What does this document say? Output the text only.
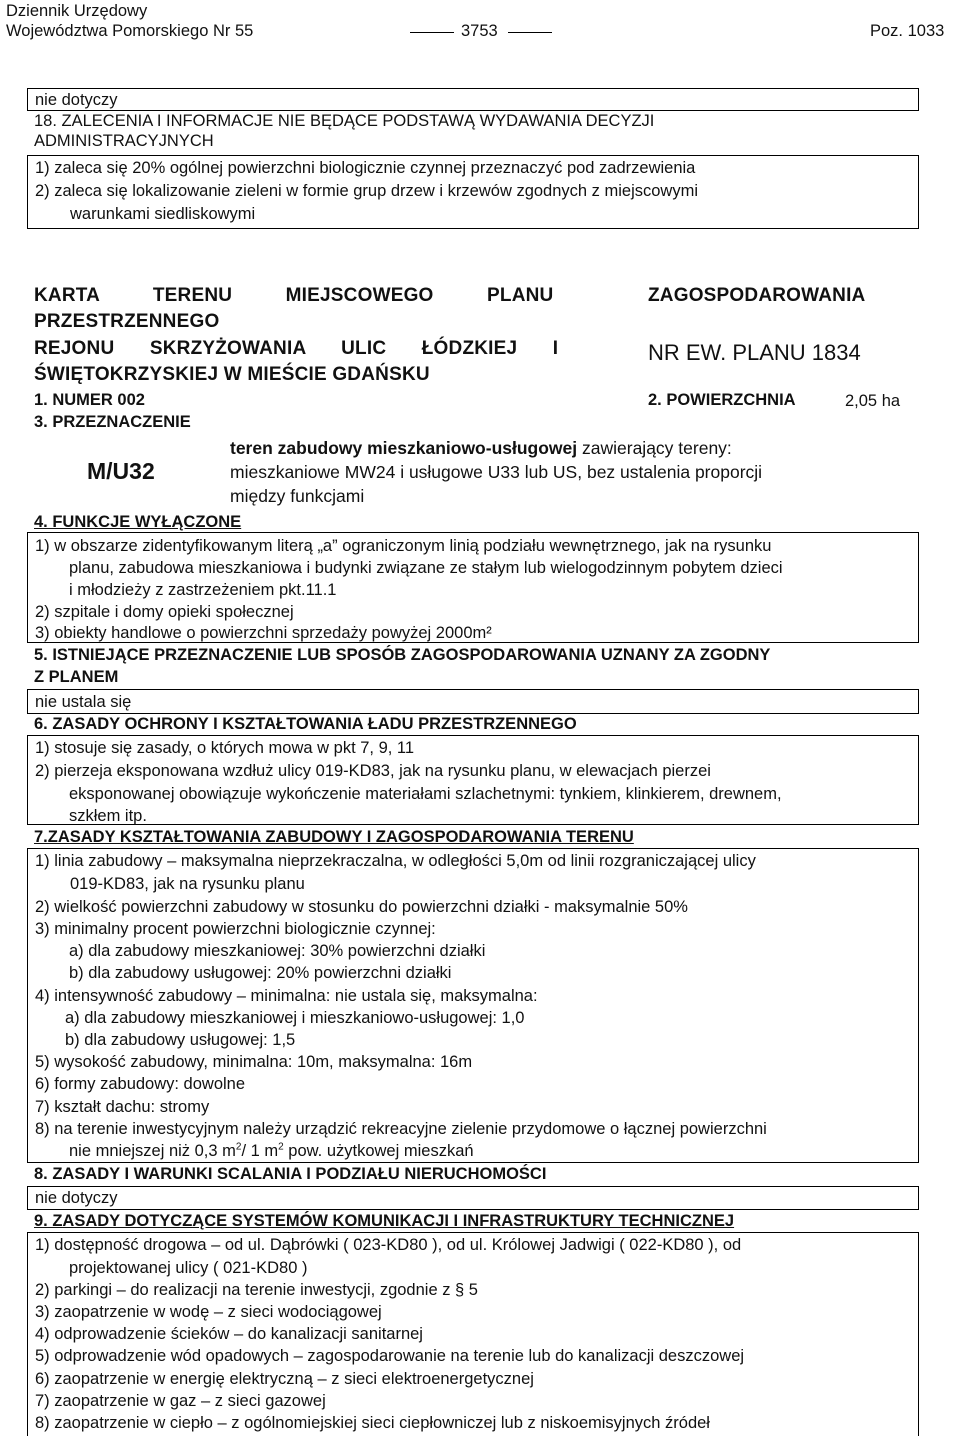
Dziennik Urzędowy
Województwa Pomorskiego Nr 55	3753	Poz. 1033
nie dotyczy
18. ZALECENIA I INFORMACJE NIE BĘDĄCE PODSTAWĄ WYDAWANIA DECYZJI
ADMINISTRACYJNYCH
1) zaleca się 20% ogólnej powierzchni biologicznie czynnej przeznaczyć pod zadrzewienia
2) zaleca się lokalizowanie zieleni w formie grup drzew i krzewów zgodnych z miejscowymi
warunkami siedliskowymi
KARTA TERENU MIEJSCOWEGO PLANU	ZAGOSPODAROWANIA
PRZESTRZENNEGO
REJONU SKRZYŻOWANIA ULIC ŁÓDZKIEJ I
ŚWIĘTOKRZYSKIEJ W MIEŚCIE GDAŃSKU
NR EW. PLANU 1834
1. NUMER 002	2. POWIERZCHNIA	2,05 ha
3. PRZEZNACZENIE
M/U32
teren zabudowy mieszkaniowo-usługowej zawierający tereny:
mieszkaniowe MW24 i usługowe U33 lub US, bez ustalenia proporcji
między funkcjami
4. FUNKCJE WYŁĄCZONE
1) w obszarze zidentyfikowanym literą „a” ograniczonym linią podziału wewnętrznego, jak na rysunku
planu, zabudowa mieszkaniowa i budynki związane ze stałym lub wielogodzinnym pobytem dzieci
i młodzieży z zastrzeżeniem pkt.11.1
2) szpitale i domy opieki społecznej
3) obiekty handlowe o powierzchni sprzedaży powyżej 2000m²
5. ISTNIEJĄCE PRZEZNACZENIE LUB SPOSÓB ZAGOSPODAROWANIA UZNANY ZA ZGODNY
Z PLANEM
nie ustala się
6. ZASADY OCHRONY I KSZTAŁTOWANIA ŁADU PRZESTRZENNEGO
1) stosuje się zasady, o których mowa w pkt 7, 9, 11
2) pierzeja eksponowana wzdłuż ulicy 019-KD83, jak na rysunku planu, w elewacjach pierzei
eksponowanej obowiązuje wykończenie materiałami szlachetnymi: tynkiem, klinkierem, drewnem,
szkłem itp.
7.ZASADY KSZTAŁTOWANIA ZABUDOWY I ZAGOSPODAROWANIA TERENU
1) linia zabudowy – maksymalna nieprzekraczalna, w odległości 5,0m od linii rozgraniczającej ulicy
019-KD83, jak na rysunku planu
2) wielkość powierzchni zabudowy w stosunku do powierzchni działki - maksymalnie 50%
3) minimalny procent powierzchni biologicznie czynnej:
a) dla zabudowy mieszkaniowej: 30% powierzchni działki
b) dla zabudowy usługowej: 20% powierzchni działki
4) intensywność zabudowy – minimalna: nie ustala się, maksymalna:
a) dla zabudowy mieszkaniowej i mieszkaniowo-usługowej: 1,0
b) dla zabudowy usługowej: 1,5
5) wysokość zabudowy, minimalna: 10m, maksymalna: 16m
6) formy zabudowy: dowolne
7) kształt dachu: stromy
8) na terenie inwestycyjnym należy urządzić rekreacyjne zielenie przydomowe o łącznej powierzchni
nie mniejszej niż 0,3 $m^2/$ 1 $m^2$ pow. użytkowej mieszkań
8. ZASADY I WARUNKI SCALANIA I PODZIAŁU NIERUCHOMOŚCI
nie dotyczy
9. ZASADY DOTYCZĄCE SYSTEMÓW KOMUNIKACJI I INFRASTRUKTURY TECHNICZNEJ
1) dostępność drogowa – od ul. Dąbrówki ( 023-KD80 ), od ul. Królowej Jadwigi ( 022-KD80 ), od
projektowanej ulicy ( 021-KD80 )
2) parkingi – do realizacji na terenie inwestycji, zgodnie z § 5
3) zaopatrzenie w wodę – z sieci wodociągowej
4) odprowadzenie ścieków – do kanalizacji sanitarnej
5) odprowadzenie wód opadowych – zagospodarowanie na terenie lub do kanalizacji deszczowej
6) zaopatrzenie w energię elektryczną – z sieci elektroenergetycznej
7) zaopatrzenie w gaz – z sieci gazowej
8) zaopatrzenie w ciepło – z ogólnomiejskiej sieci ciepłowniczej lub z niskoemisyjnych źródeł
